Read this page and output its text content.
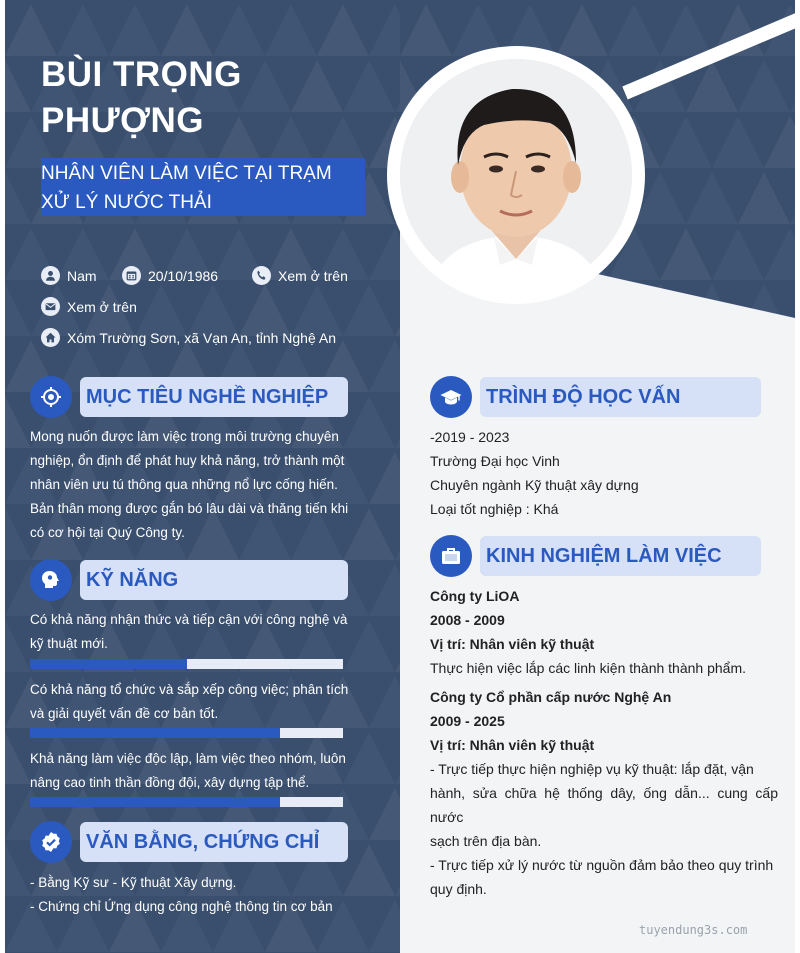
BÙI TRỌNG
PHƯỢNG
NHÂN VIÊN LÀM VIỆC TẠI TRẠM
XỬ LÝ NƯỚC THẢI
Nam	20/10/1986	Xem ở trên
Xem ở trên
Xóm Trường Sơn, xã Vạn An, tỉnh Nghệ An
MỤC TIÊU NGHỀ NGHIỆP
Mong nuốn được làm việc trong môi trường chuyên
nghiệp, ổn định để phát huy khả năng, trở thành một
nhân viên ưu tú thông qua những nổ lực cống hiến.
Bản thân mong được gắn bó lâu dài và thăng tiến khi
có cơ hội tại Quý Công ty.
KỸ NĂNG
Có khả năng nhận thức và tiếp cận với công nghệ và
kỹ thuật mới.
Có khả năng tổ chức và sắp xếp công việc; phân tích
và giải quyết vấn đề cơ bản tốt.
Khả năng làm việc độc lập, làm việc theo nhóm, luôn
nâng cao tinh thần đồng đội, xây dựng tập thể.
VĂN BẰNG, CHỨNG CHỈ
- Bằng Kỹ sư - Kỹ thuật Xây dựng.
- Chứng chỉ Ứng dụng công nghệ thông tin cơ bản
TRÌNH ĐỘ HỌC VẤN
-2019 - 2023
Trường Đại học Vinh
Chuyên ngành Kỹ thuật xây dựng
Loại tốt nghiệp : Khá
KINH NGHIỆM LÀM VIỆC
Công ty LiOA
2008 - 2009
Vị trí: Nhân viên kỹ thuật
Thực hiện việc lắp các linh kiện thành thành phẩm.
Công ty Cổ phần cấp nước Nghệ An
2009 - 2025
Vị trí: Nhân viên kỹ thuật
- Trực tiếp thực hiện nghiệp vụ kỹ thuật: lắp đặt, vận
hành, sửa chữa hệ thống dây, ống dẫn... cung cấp nước
sạch trên địa bàn.
- Trực tiếp xử lý nước từ nguồn đảm bảo theo quy trình
quy định.
tuyendung3s.com
